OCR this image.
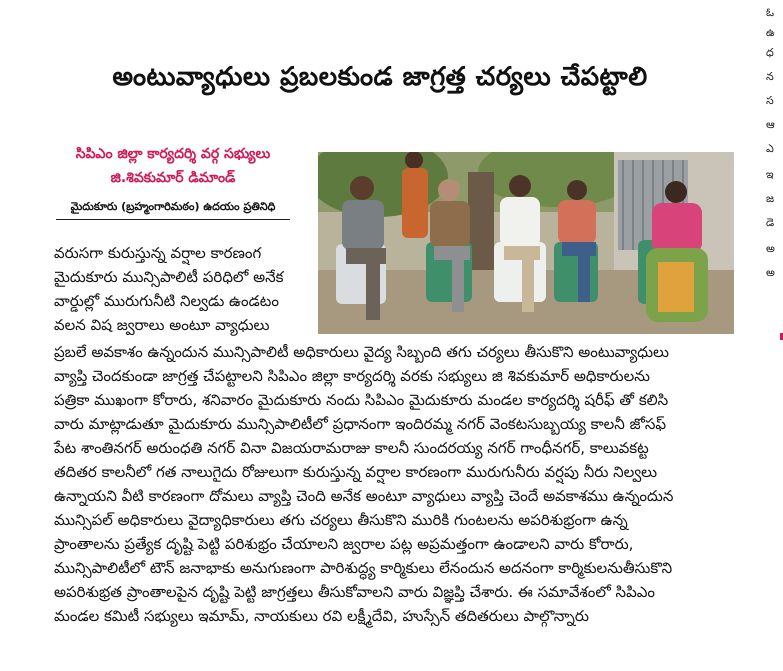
అంటువ్యాధులు ప్రబలకుండ జాగ్రత్త చర్యలు చేపట్టాలి
సిపిఎం జిల్లా కార్యదర్శి వర్గ సభ్యులు
జి.శివకుమార్ డిమాండ్
మైదుకూరు (బ్రహ్మంగారిమఠం) ఉదయం ప్రతినిధి
వరుసగా కురుస్తున్న వర్షాల కారణంగ
మైదుకూరు మున్సిపాలిటీ పరిధిలో అనేక
వార్డుల్లో మురుగునీటి నిల్వడు ఉండటం
వలన విష జ్వరాలు అంటూ వ్యాధులు
ప్రబలే అవకాశం ఉన్నందున మున్సిపాలిటీ అధికారులు వైద్య సిబ్బంది తగు చర్యలు తీసుకొని అంటువ్యాధులు
వ్యాప్తి చెందకుండా జాగ్రత్త చేపట్టాలని సిపిఎం జిల్లా కార్యదర్శి వరకు సభ్యులు జి శివకుమార్ అధికారులను
పత్రికా ముఖంగా కోరారు, శనివారం మైదుకూరు నందు సిపిఎం మైదుకూరు మండల కార్యదర్శి షరీఫ్ తో కలిసి
వారు మాట్లాడుతూ మైదుకూరు మున్సిపాలిటీలో ప్రధానంగా ఇందిరమ్మ నగర్ వెంకటసుబ్బయ్య కాలనీ జోసఫ్
పేట శాంతినగర్ అరుంధతి నగర్ వినా విజయరామరాజు కాలనీ సుందరయ్య నగర్ గాంధీనగర్, కాలువకట్ట
తదితర కాలనీలో గత నాలుగైదు రోజులుగా కురుస్తున్న వర్షాల కారణంగా మురుగునీరు వర్షపు నీరు నిల్వలు
ఉన్నాయని వీటి కారణంగా దోమలు వ్యాప్తి చెంది అనేక అంటూ వ్యాధులు వ్యాప్తి చెందే అవకాశము ఉన్నందున
మున్సిపల్ అధికారులు వైద్యాధికారులు తగు చర్యలు తీసుకొని మురికి గుంటలను అపరిశుభ్రంగా ఉన్న
ప్రాంతాలను ప్రత్యేక దృష్టి పెట్టి పరిశుభ్రం చేయాలని జ్వరాల పట్ల అప్రమత్తంగా ఉండాలని వారు కోరారు,
మున్సిపాలిటీలో టౌన్ జనాభాకు అనుగుణంగా పారిశుద్ధ్య కార్మికులు లేనందున అదనంగా కార్మికులనుతీసుకొని
అపరిశుభ్రత ప్రాంతాలపైన దృష్టి పెట్టి జాగ్రత్తలు తీసుకోవాలని వారు విజ్ఞప్తి చేశారు. ఈ సమావేశంలో సిపిఎం
మండల కమిటీ సభ్యులు ఇమామ్, నాయకులు రవి లక్ష్మీదేవి, హుస్సేన్ తదితరులు పాల్గొన్నారు
ఓ
ఉ
ధ
న
స
ఆ
ఎ
ఇ
జ
డె
అ
అ
